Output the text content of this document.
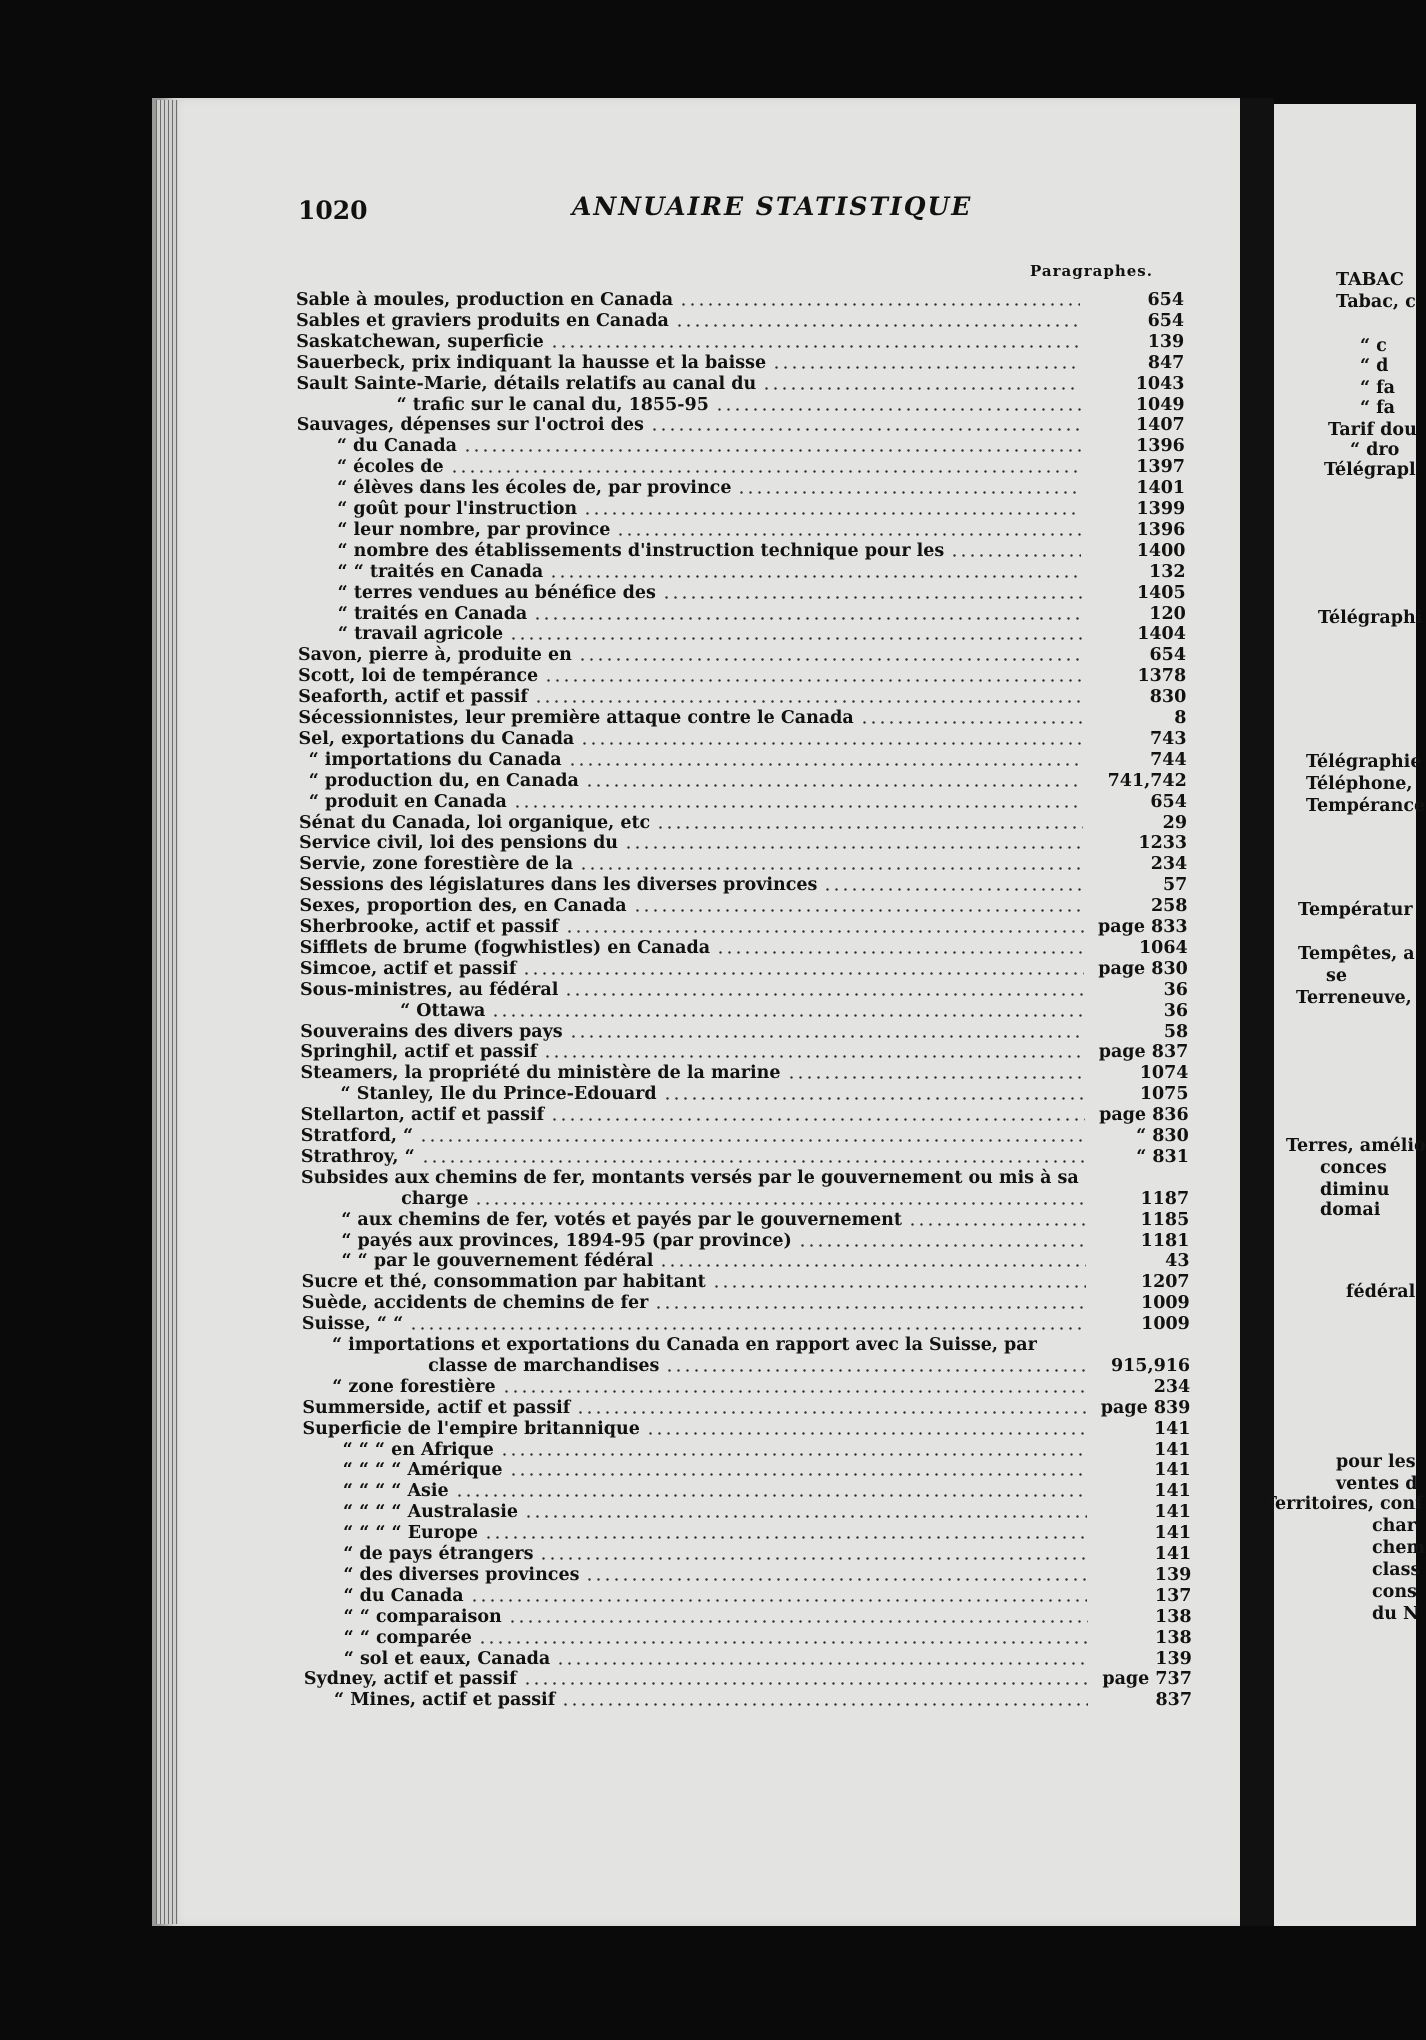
1020	ANNUAIRE STATISTIQUE
Paragraphes.
Sable à moules, production en Canada	654
Sables et graviers produits en Canada	654
Saskatchewan, superficie	139
Sauerbeck, prix indiquant la hausse et la baisse	847
Sault Sainte-Marie, détails relatifs au canal du	1043
“ trafic sur le canal du, 1855-95	1049
Sauvages, dépenses sur l'octroi des	1407
“ du Canada	1396
“ écoles de	1397
“ élèves dans les écoles de, par province	1401
“ goût pour l'instruction	1399
“ leur nombre, par province	1396
“ nombre des établissements d'instruction technique pour les	1400
“ “ traités en Canada	132
“ terres vendues au bénéfice des	1405
“ traités en Canada	120
“ travail agricole	1404
Savon, pierre à, produite en	654
Scott, loi de tempérance	1378
Seaforth, actif et passif	830
Sécessionnistes, leur première attaque contre le Canada	8
Sel, exportations du Canada	743
“ importations du Canada	744
“ production du, en Canada	741,742
“ produit en Canada	654
Sénat du Canada, loi organique, etc	29
Service civil, loi des pensions du	1233
Servie, zone forestière de la	234
Sessions des législatures dans les diverses provinces	57
Sexes, proportion des, en Canada	258
Sherbrooke, actif et passif	page 833
Sifflets de brume (fogwhistles) en Canada	1064
Simcoe, actif et passif	page 830
Sous-ministres, au fédéral	36
“ Ottawa	36
Souverains des divers pays	58
Springhil, actif et passif	page 837
Steamers, la propriété du ministère de la marine	1074
“ Stanley, Ile du Prince-Edouard	1075
Stellarton, actif et passif	page 836
Stratford, “	“ 830
Strathroy, “	“ 831
Subsides aux chemins de fer, montants versés par le gouvernement ou mis à sa
charge	1187
“ aux chemins de fer, votés et payés par le gouvernement	1185
“ payés aux provinces, 1894-95 (par province)	1181
“ “ par le gouvernement fédéral	43
Sucre et thé, consommation par habitant	1207
Suède, accidents de chemins de fer	1009
Suisse, “ “	1009
“ importations et exportations du Canada en rapport avec la Suisse, par
classe de marchandises	915,916
“ zone forestière	234
Summerside, actif et passif	page 839
Superficie de l'empire britannique	141
“ “ “ en Afrique	141
“ “ “ “ Amérique	141
“ “ “ “ Asie	141
“ “ “ “ Australasie	141
“ “ “ “ Europe	141
“ de pays étrangers	141
“ des diverses provinces	139
“ du Canada	137
“ “ comparaison	138
“ “ comparée	138
“ sol et eaux, Canada	139
Sydney, actif et passif	page 737
“ Mines, actif et passif	837
TABAC
Tabac, c
“ c
“ d
“ fa
“ fa
Tarif dou
“ dro
Télégrapl
Télégraphi
Télégraphie
Téléphone,
Tempérance
Températur
Tempêtes, a
se
Terreneuve,
Terres, amélio
conces
diminu
domai
fédéral
pour les
ventes d
Territoires, conf
char
chem
class
cons
du N
